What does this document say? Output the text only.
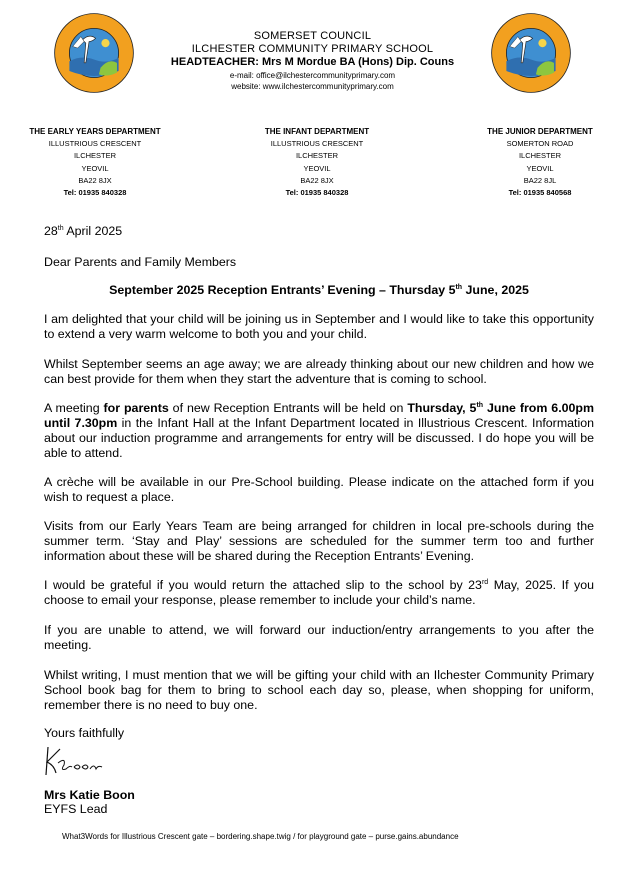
SOMERSET COUNCIL
ILCHESTER COMMUNITY PRIMARY SCHOOL
HEADTEACHER: Mrs M Mordue BA (Hons) Dip. Couns
e-mail: office@ilchestercommunityprimary.com
website: www.ilchestercommunityprimary.com
THE EARLY YEARS DEPARTMENT
ILLUSTRIOUS CRESCENT
ILCHESTER
YEOVIL
BA22 8JX
Tel: 01935 840328
THE INFANT DEPARTMENT
ILLUSTRIOUS CRESCENT
ILCHESTER
YEOVIL
BA22 8JX
Tel: 01935 840328
THE JUNIOR DEPARTMENT
SOMERTON ROAD
ILCHESTER
YEOVIL
BA22 8JL
Tel: 01935 840568
28th April 2025
Dear Parents and Family Members
September 2025 Reception Entrants’ Evening – Thursday 5th June, 2025
I am delighted that your child will be joining us in September and I would like to take this opportunity to extend a very warm welcome to both you and your child.
Whilst September seems an age away; we are already thinking about our new children and how we can best provide for them when they start the adventure that is coming to school.
A meeting for parents of new Reception Entrants will be held on Thursday, 5th June from 6.00pm until 7.30pm in the Infant Hall at the Infant Department located in Illustrious Crescent. Information about our induction programme and arrangements for entry will be discussed. I do hope you will be able to attend.
A crèche will be available in our Pre-School building. Please indicate on the attached form if you wish to request a place.
Visits from our Early Years Team are being arranged for children in local pre-schools during the summer term. ‘Stay and Play’ sessions are scheduled for the summer term too and further information about these will be shared during the Reception Entrants’ Evening.
I would be grateful if you would return the attached slip to the school by 23rd May, 2025. If you choose to email your response, please remember to include your child’s name.
If you are unable to attend, we will forward our induction/entry arrangements to you after the meeting.
Whilst writing, I must mention that we will be gifting your child with an Ilchester Community Primary School book bag for them to bring to school each day so, please, when shopping for uniform, remember there is no need to buy one.
Yours faithfully
Mrs Katie Boon
EYFS Lead
What3Words for Illustrious Crescent gate – bordering.shape.twig / for playground gate – purse.gains.abundance
